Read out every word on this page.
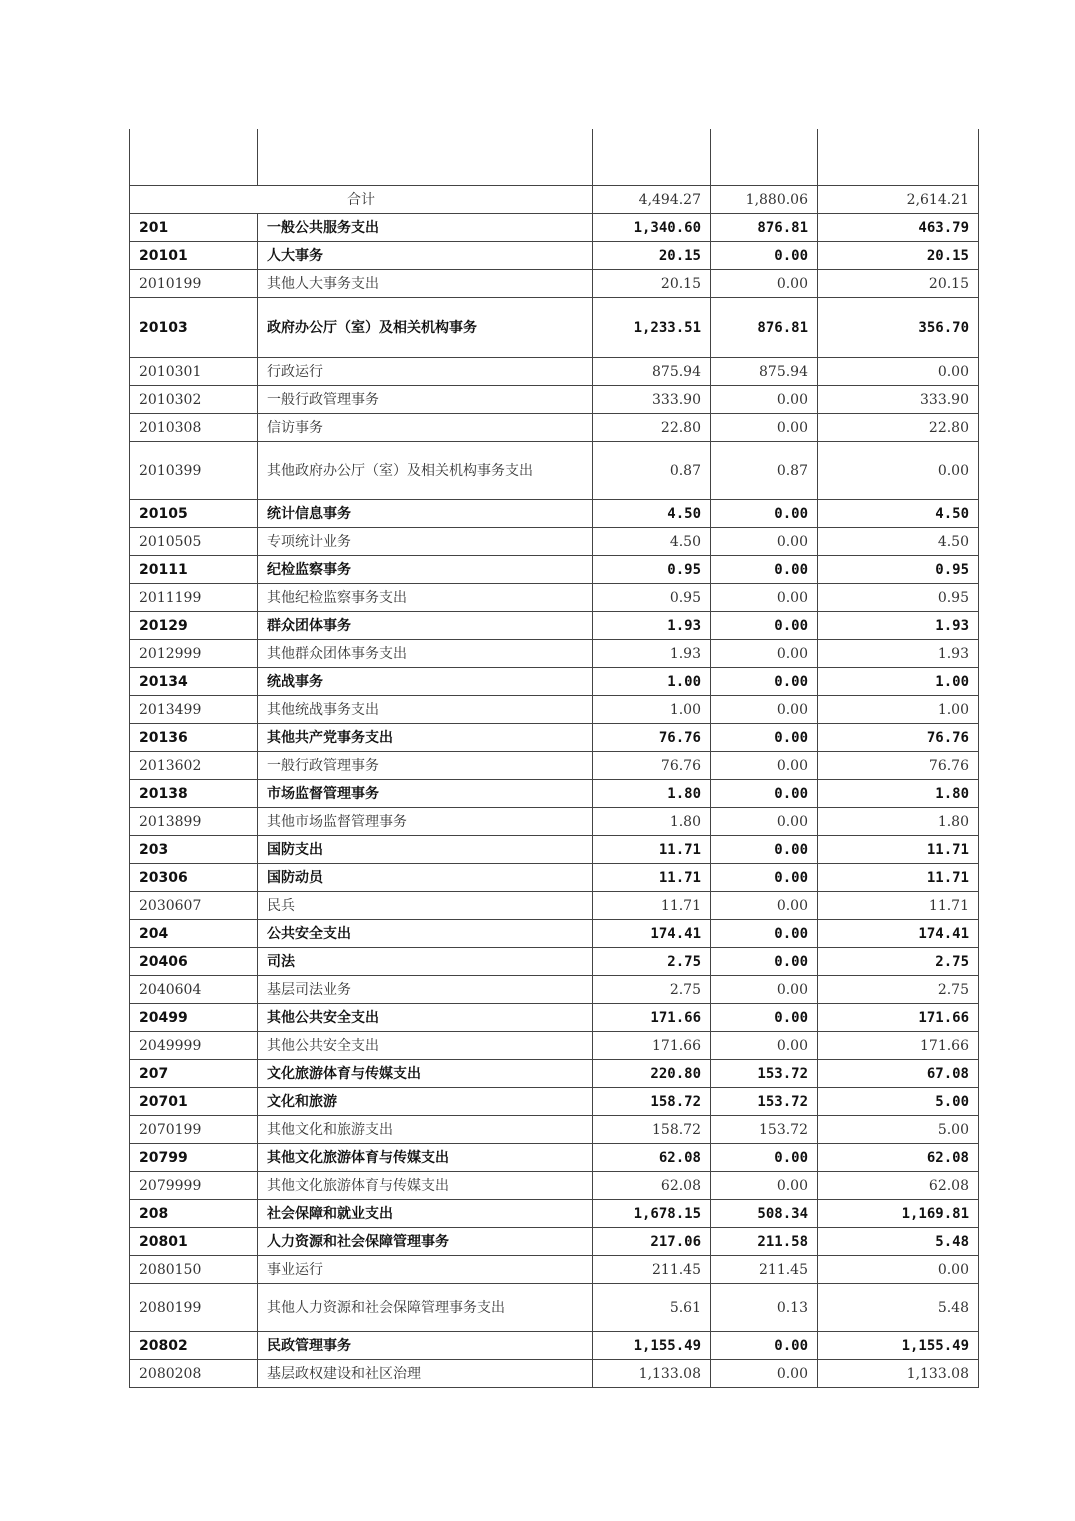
合计		4,494.27	1,880.06	2,614.21
201	一般公共服务支出	1,340.60	876.81	463.79
20101	人大事务	20.15	0.00	20.15
2010199	其他人大事务支出	20.15	0.00	20.15
20103	政府办公厅（室）及相关机构事务	1,233.51	876.81	356.70
2010301	行政运行	875.94	875.94	0.00
2010302	一般行政管理事务	333.90	0.00	333.90
2010308	信访事务	22.80	0.00	22.80
2010399	其他政府办公厅（室）及相关机构事务支出	0.87	0.87	0.00
20105	统计信息事务	4.50	0.00	4.50
2010505	专项统计业务	4.50	0.00	4.50
20111	纪检监察事务	0.95	0.00	0.95
2011199	其他纪检监察事务支出	0.95	0.00	0.95
20129	群众团体事务	1.93	0.00	1.93
2012999	其他群众团体事务支出	1.93	0.00	1.93
20134	统战事务	1.00	0.00	1.00
2013499	其他统战事务支出	1.00	0.00	1.00
20136	其他共产党事务支出	76.76	0.00	76.76
2013602	一般行政管理事务	76.76	0.00	76.76
20138	市场监督管理事务	1.80	0.00	1.80
2013899	其他市场监督管理事务	1.80	0.00	1.80
203	国防支出	11.71	0.00	11.71
20306	国防动员	11.71	0.00	11.71
2030607	民兵	11.71	0.00	11.71
204	公共安全支出	174.41	0.00	174.41
20406	司法	2.75	0.00	2.75
2040604	基层司法业务	2.75	0.00	2.75
20499	其他公共安全支出	171.66	0.00	171.66
2049999	其他公共安全支出	171.66	0.00	171.66
207	文化旅游体育与传媒支出	220.80	153.72	67.08
20701	文化和旅游	158.72	153.72	5.00
2070199	其他文化和旅游支出	158.72	153.72	5.00
20799	其他文化旅游体育与传媒支出	62.08	0.00	62.08
2079999	其他文化旅游体育与传媒支出	62.08	0.00	62.08
208	社会保障和就业支出	1,678.15	508.34	1,169.81
20801	人力资源和社会保障管理事务	217.06	211.58	5.48
2080150	事业运行	211.45	211.45	0.00
2080199	其他人力资源和社会保障管理事务支出	5.61	0.13	5.48
20802	民政管理事务	1,155.49	0.00	1,155.49
2080208	基层政权建设和社区治理	1,133.08	0.00	1,133.08
